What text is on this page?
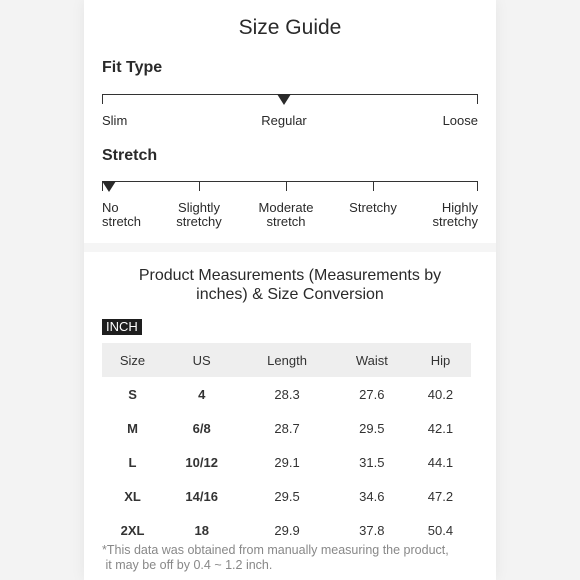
Size Guide
Fit Type
Slim	Regular	Loose
Stretch
No
stretch
Slightly
stretchy
Moderate
stretch
Stretchy	Highly
stretchy
Product Measurements (Measurements by
inches) & Size Conversion
INCH
Size	US	Length	Waist	Hip
S	4	28.3	27.6	40.2
M	6/8	28.7	29.5	42.1
L	10/12	29.1	31.5	44.1
XL	14/16	29.5	34.6	47.2
2XL	18	29.9	37.8	50.4
*This data was obtained from manually measuring the product,
it may be off by 0.4 ~ 1.2 inch.
